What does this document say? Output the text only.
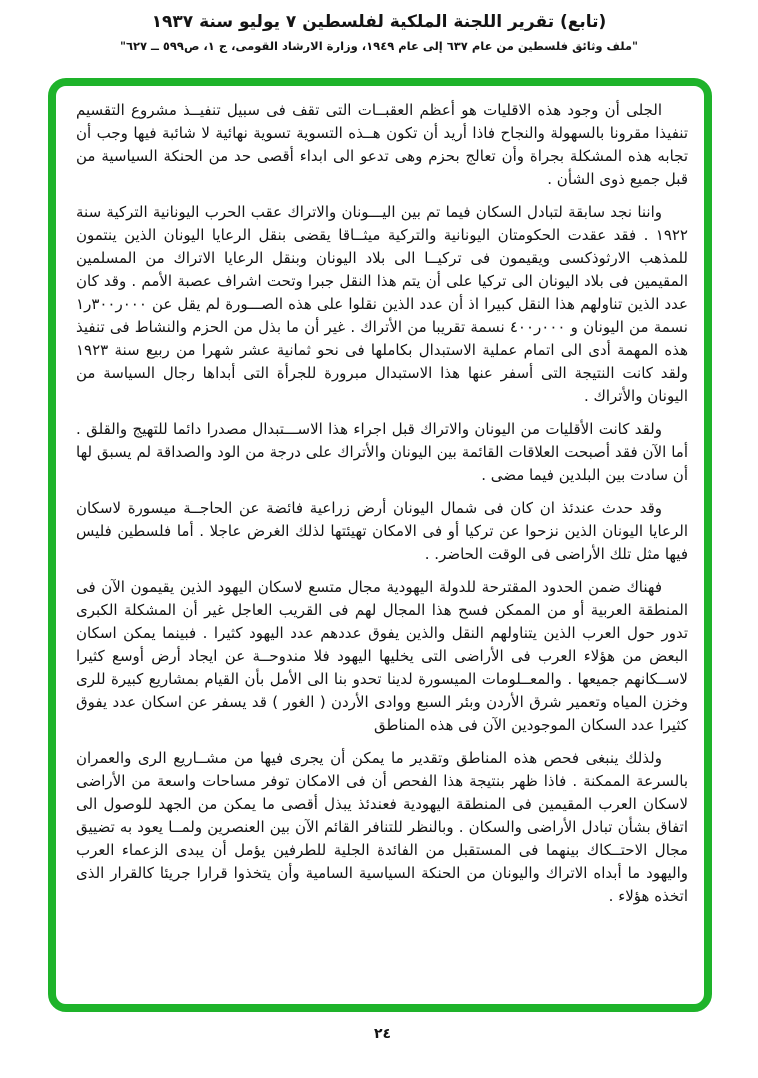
(تابع) تقرير اللجنة الملكية لفلسطين ٧ يوليو سنة ١٩٣٧
"ملف وثائق فلسطين من عام ٦٣٧ إلى عام ١٩٤٩، وزارة الارشاد القومى، ج ١، ص٥٩٩ ــ ٦٢٧"

الجلى أن وجود هذه الاقليات هو أعظم العقبــات التى تقف فى سبيل تنفيــذ مشروع التقسيم تنفيذا مقرونا بالسهولة والنجاح فاذا أريد أن تكون هــذه التسوية تسوية نهائية لا شائبة فيها وجب أن تجابه هذه المشكلة بجراة وأن تعالج بحزم وهى تدعو الى ابداء أقصى حد من الحنكة السياسية من قبل جميع ذوى الشأن .

واننا نجد سابقة لتبادل السكان فيما تم بين اليـــونان والاتراك عقب الحرب اليونانية التركية سنة ١٩٢٢ . فقد عقدت الحكومتان اليونانية والتركية ميثــاقا يقضى بنقل الرعايا اليونان الذين ينتمون للمذهب الارثوذكسى ويقيمون فى تركيــا الى بلاد اليونان وبنقل الرعايا الاتراك من المسلمين المقيمين فى بلاد اليونان الى تركيا على أن يتم هذا النقل جبرا وتحت اشراف عصبة الأمم . وقد كان عدد الذين تناولهم هذا النقل كبيرا اذ أن عدد الذين نقلوا على هذه الصـــورة لم يقل عن ٠٠٠ر٣٠٠ر١ نسمة من اليونان و ٠٠٠ر٤٠٠ نسمة تقريبا من الأتراك . غير أن ما بذل من الحزم والنشاط فى تنفيذ هذه المهمة أدى الى اتمام عملية الاستبدال بكاملها فى نحو ثمانية عشر شهرا من ربيع سنة ١٩٢٣ ولقد كانت النتيجة التى أسفر عنها هذا الاستبدال مبرورة للجرأة التى أبداها رجال السياسة من اليونان والأتراك .

ولقد كانت الأقليات من اليونان والاتراك قبل اجراء هذا الاســـتبدال مصدرا دائما للتهيج والقلق . أما الآن فقد أصبحت العلاقات القائمة بين اليونان والأتراك على درجة من الود والصداقة لم يسبق لها أن سادت بين البلدين فيما مضى .

وقد حدث عندئذ ان كان فى شمال اليونان أرض زراعية فائضة عن الحاجــة ميسورة لاسكان الرعايا اليونان الذين نزحوا عن تركيا أو فى الامكان تهيئتها لذلك الغرض عاجلا . أما فلسطين فليس فيها مثل تلك الأراضى فى الوقت الحاضر. .

فهناك ضمن الحدود المقترحة للدولة اليهودية مجال متسع لاسكان اليهود الذين يقيمون الآن فى المنطقة العربية أو من الممكن فسح هذا المجال لهم فى القريب العاجل غير أن المشكلة الكبرى تدور حول العرب الذين يتناولهم النقل والذين يفوق عددهم عدد اليهود كثيرا . فبينما يمكن اسكان البعض من هؤلاء العرب فى الأراضى التى يخليها اليهود فلا مندوحــة عن ايجاد أرض أوسع كثيرا لاســكانهم جميعها . والمعــلومات الميسورة لدينا تحدو بنا الى الأمل بأن القيام بمشاريع كبيرة للرى وخزن المياه وتعمير شرق الأردن وبئر السبع ووادى الأردن ( الغور ) قد يسفر عن اسكان عدد يفوق كثيرا عدد السكان الموجودين الآن فى هذه المناطق

ولذلك ينبغى فحص هذه المناطق وتقدير ما يمكن أن يجرى فيها من مشــاريع الرى والعمران بالسرعة الممكنة . فاذا ظهر بنتيجة هذا الفحص أن فى الامكان توفر مساحات واسعة من الأراضى لاسكان العرب المقيمين فى المنطقة اليهودية فعندئذ يبذل أقصى ما يمكن من الجهد للوصول الى اتفاق بشأن تبادل الأراضى والسكان . وبالنظر للتنافر القائم الآن بين العنصرين ولمــا يعود به تضييق مجال الاحتــكاك بينهما فى المستقبل من الفائدة الجلية للطرفين يؤمل أن يبدى الزعماء العرب واليهود ما أبداه الاتراك واليونان من الحنكة السياسية السامية وأن يتخذوا قرارا جريئا كالقرار الذى اتخذه هؤلاء .

٢٤
